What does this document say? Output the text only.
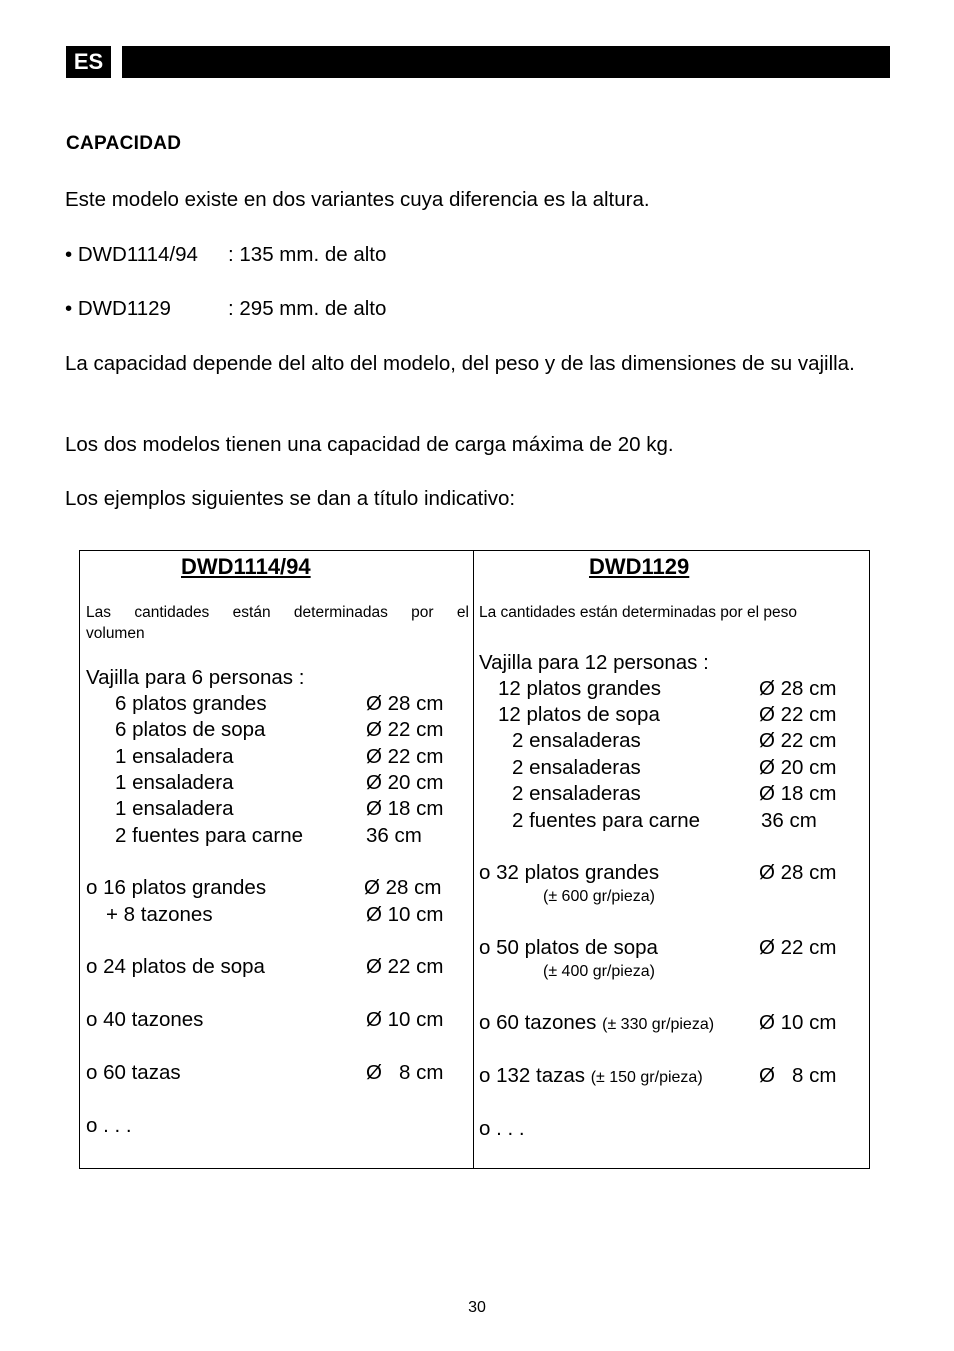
ES
CAPACIDAD
Este modelo existe en dos variantes cuya diferencia es la altura.
• DWD1114/94 : 135 mm. de alto
• DWD1129	: 295 mm. de alto
La capacidad depende del alto del modelo, del peso y de las dimensiones de su vajilla.
Los dos modelos tienen una capacidad de carga máxima de 20 kg.
Los ejemplos siguientes se dan a título indicativo:
DWD1114/94
Las cantidades están determinadas por el
volumen
Vajilla para 6 personas :
6 platos grandes	Ø 28 cm
6 platos de sopa	Ø 22 cm
1 ensaladera	Ø 22 cm
1 ensaladera	Ø 20 cm
1 ensaladera	Ø 18 cm
2 fuentes para carne	36 cm
o 16 platos grandes	Ø 28 cm
+ 8 tazones	Ø 10 cm
o 24 platos de sopa	Ø 22 cm
o 40 tazones	Ø 10 cm
o 60 tazas	Ø   8 cm
o . . .
DWD1129
La cantidades están determinadas por el peso
Vajilla para 12 personas :
12 platos grandes	Ø 28 cm
12 platos de sopa	Ø 22 cm
2 ensaladeras	Ø 22 cm
2 ensaladeras	Ø 20 cm
2 ensaladeras	Ø 18 cm
2 fuentes para carne	36 cm
o 32 platos grandes	Ø 28 cm
(± 600 gr/pieza)
o 50 platos de sopa	Ø 22 cm
(± 400 gr/pieza)
o 60 tazones (± 330 gr/pieza) Ø 10 cm
o 132 tazas (± 150 gr/pieza)	Ø   8 cm
o . . .
30
